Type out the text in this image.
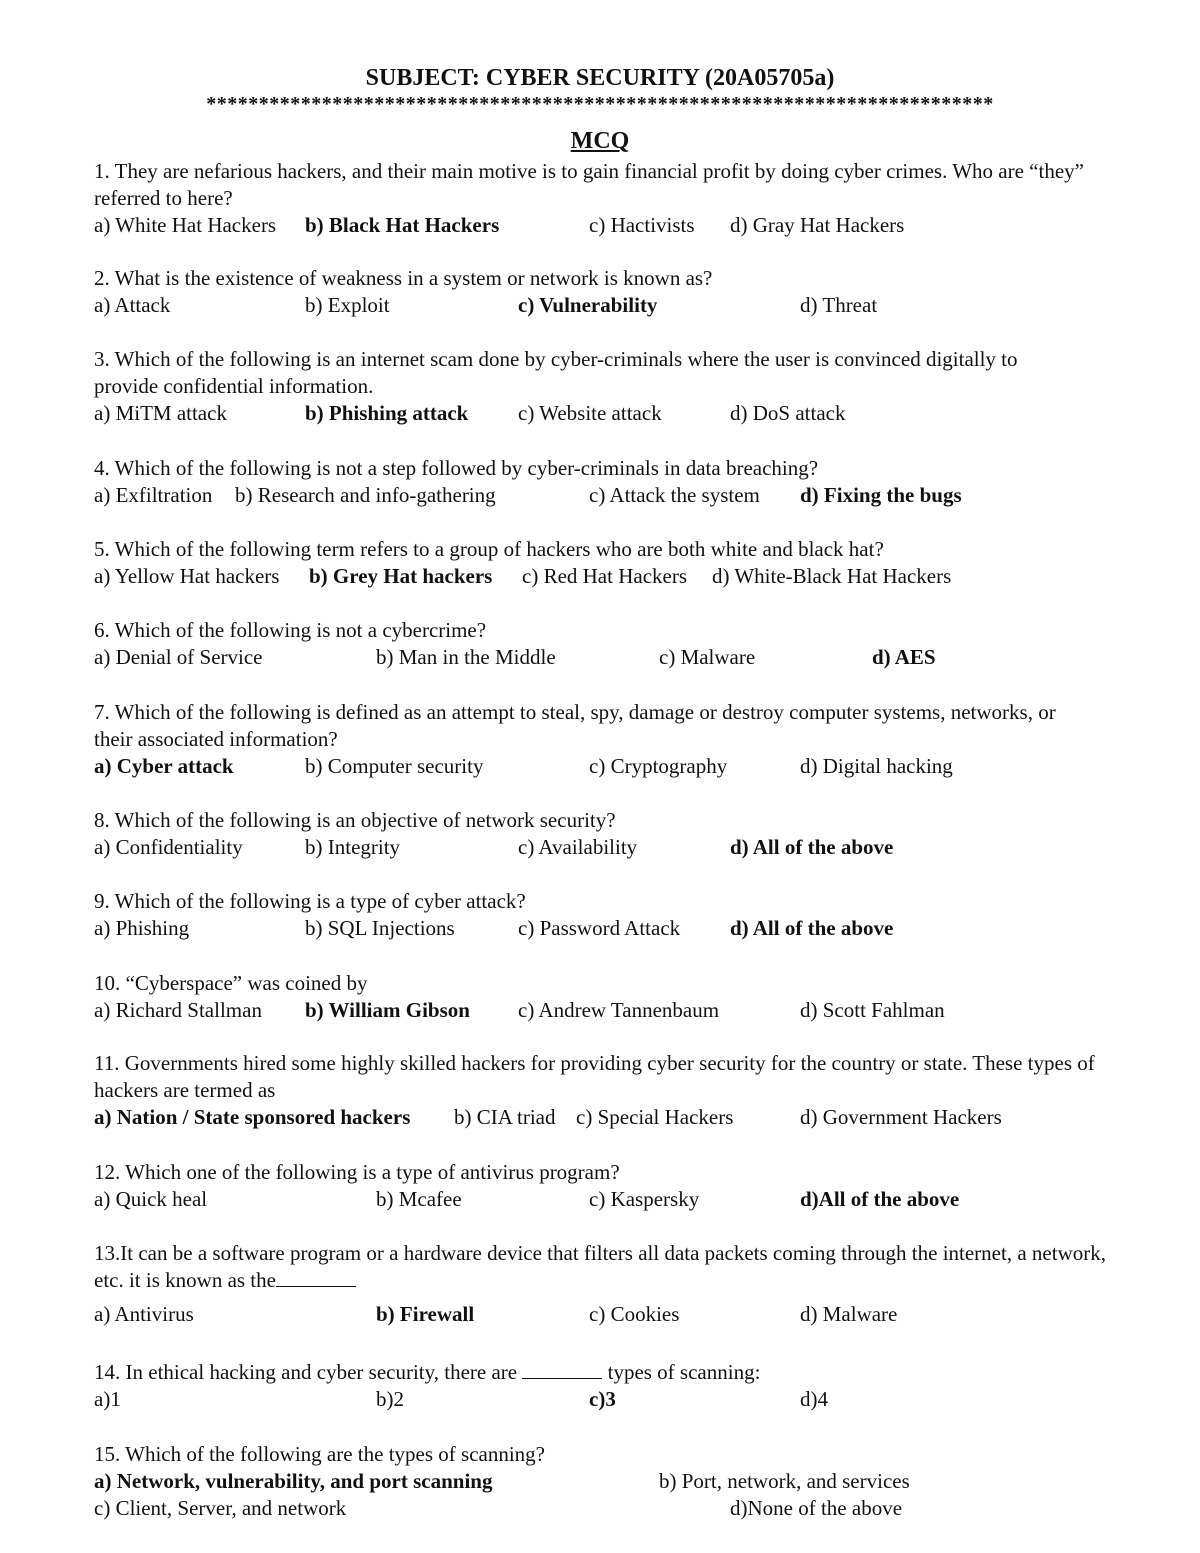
SUBJECT: CYBER SECURITY (20A05705a)
***************************************************************************
MCQ

1. They are nefarious hackers, and their main motive is to gain financial profit by doing cyber crimes. Who are “they” referred to here?

a) White Hat Hackers b) Black Hat Hackers	c) Hactivists d) Gray Hat Hackers

2. What is the existence of weakness in a system or network is known as?

a) Attack	b) Exploit	c) Vulnerability	d) Threat

3. Which of the following is an internet scam done by cyber-criminals where the user is convinced digitally to provide confidential information.

a) MiTM attack	b) Phishing attack c) Website attack	d) DoS attack

4. Which of the following is not a step followed by cyber-criminals in data breaching?

a) Exfiltration b) Research and info-gathering	c) Attack the system d) Fixing the bugs

5. Which of the following term refers to a group of hackers who are both white and black hat?

a) Yellow Hat hackers b) Grey Hat hackers c) Red Hat Hackers d) White-Black Hat Hackers

6. Which of the following is not a cybercrime?

a) Denial of Service	b) Man in the Middle	c) Malware	d) AES

7. Which of the following is defined as an attempt to steal, spy, damage or destroy computer systems, networks, or their associated information?

a) Cyber attack	b) Computer security	c) Cryptography	d) Digital hacking

8. Which of the following is an objective of network security?

a) Confidentiality	b) Integrity	c) Availability	d) All of the above

9. Which of the following is a type of cyber attack?

a) Phishing	b) SQL Injections	c) Password Attack d) All of the above

10. “Cyberspace” was coined by

a) Richard Stallman b) William Gibson c) Andrew Tannenbaum	d) Scott Fahlman

11. Governments hired some highly skilled hackers for providing cyber security for the country or state. These types of hackers are termed as

a) Nation / State sponsored hackers b) CIA triad c) Special Hackers	d) Government Hackers

12. Which one of the following is a type of antivirus program?

a) Quick heal	b) Mcafee	c) Kaspersky	d)All of the above

13.It can be a software program or a hardware device that filters all data packets coming through the internet, a network, etc. it is known as the

a) Antivirus	b) Firewall	c) Cookies	d) Malware

14. In ethical hacking and cyber security, there are	types of scanning:

a)1	b)2	c)3	d)4

15. Which of the following are the types of scanning?

a) Network, vulnerability, and port scanning	b) Port, network, and services
c) Client, Server, and network	d)None of the above
